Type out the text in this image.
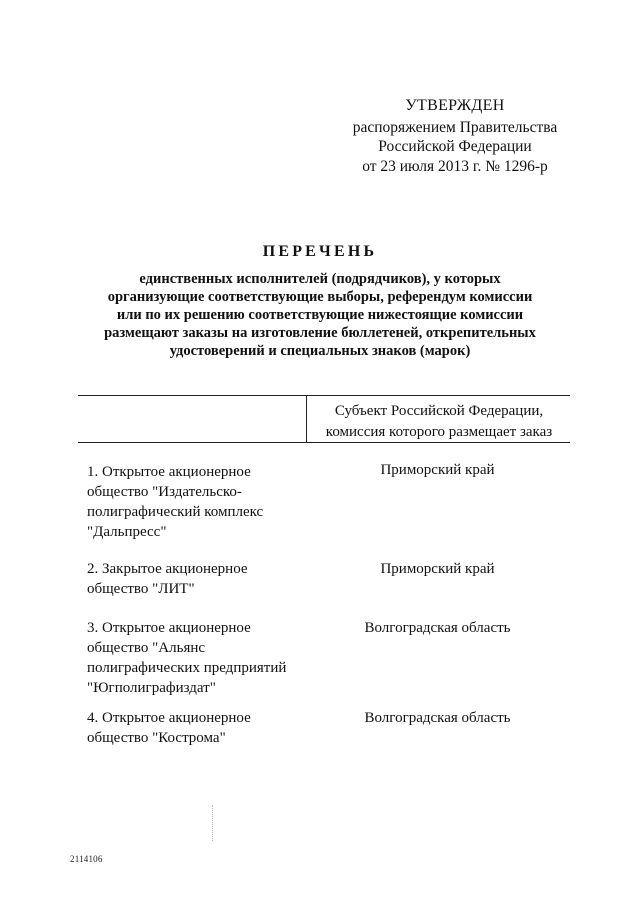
УТВЕРЖДЕН
распоряжением Правительства
Российской Федерации
от 23 июля 2013 г. № 1296-р
ПЕРЕЧЕНЬ
единственных исполнителей (подрядчиков), у которых
организующие соответствующие выборы, референдум комиссии
или по их решению соответствующие нижестоящие комиссии
размещают заказы на изготовление бюллетеней, открепительных
удостоверений и специальных знаков (марок)
Субъект Российской Федерации,
комиссия которого размещает заказ
1. Открытое акционерное
общество "Издательско-
полиграфический комплекс
"Дальпресс"
Приморский край
2. Закрытое акционерное
общество "ЛИТ"
Приморский край
3. Открытое акционерное
общество "Альянс
полиграфических предприятий
"Югполиграфиздат"
Волгоградская область
4. Открытое акционерное
общество "Кострома"
Волгоградская область
2114106
